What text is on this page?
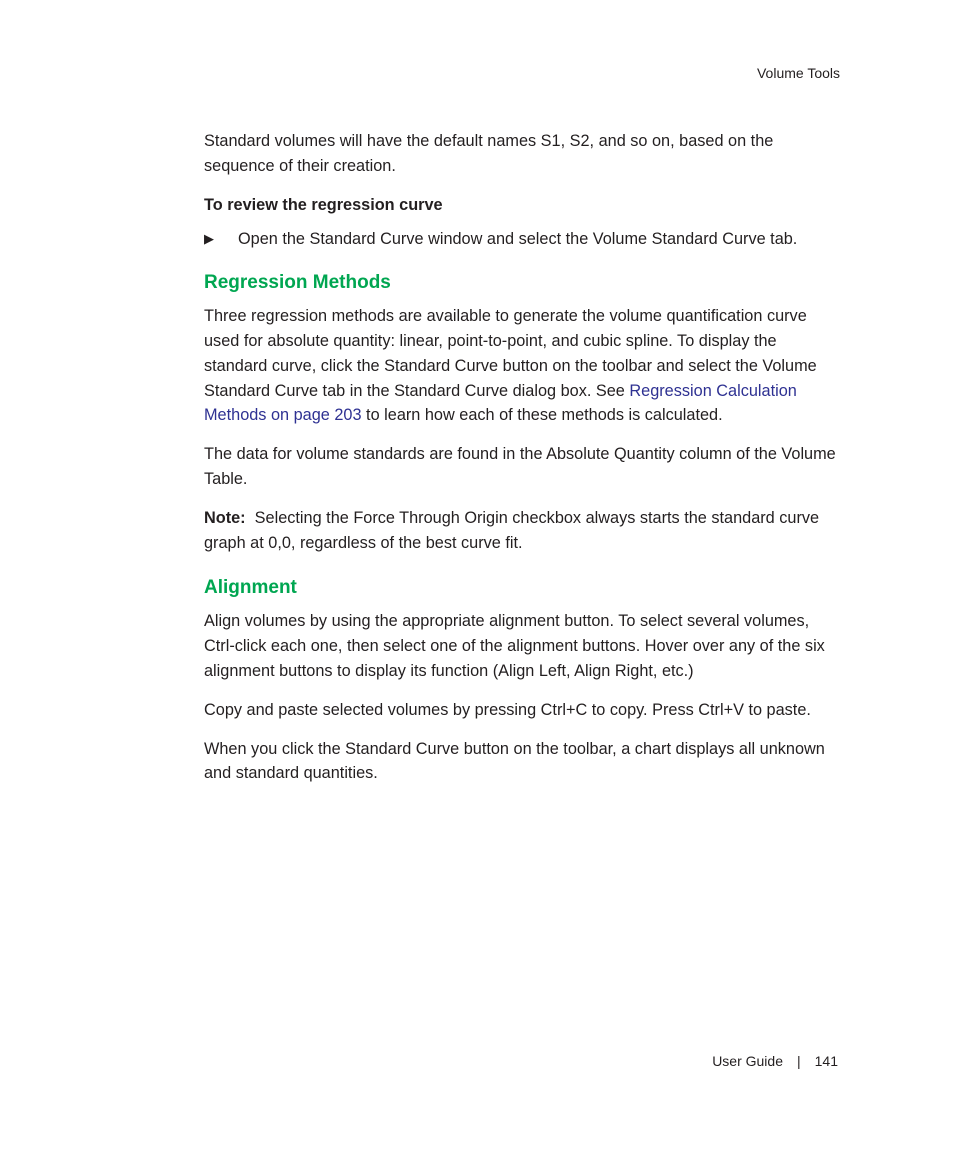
Volume Tools

Standard volumes will have the default names S1, S2, and so on, based on the sequence of their creation.

To review the regression curve
▶	Open the Standard Curve window and select the Volume Standard Curve tab.
Regression Methods

Three regression methods are available to generate the volume quantification curve used for absolute quantity: linear, point-to-point, and cubic spline. To display the standard curve, click the Standard Curve button on the toolbar and select the Volume Standard Curve tab in the Standard Curve dialog box. See Regression Calculation Methods on page 203 to learn how each of these methods is calculated.

The data for volume standards are found in the Absolute Quantity column of the Volume Table.

Note: Selecting the Force Through Origin checkbox always starts the standard curve graph at 0,0, regardless of the best curve fit.

Alignment

Align volumes by using the appropriate alignment button. To select several volumes, Ctrl-click each one, then select one of the alignment buttons. Hover over any of the six alignment buttons to display its function (Align Left, Align Right, etc.)

Copy and paste selected volumes by pressing Ctrl+C to copy. Press Ctrl+V to paste.

When you click the Standard Curve button on the toolbar, a chart displays all unknown and standard quantities.

User Guide | 141
